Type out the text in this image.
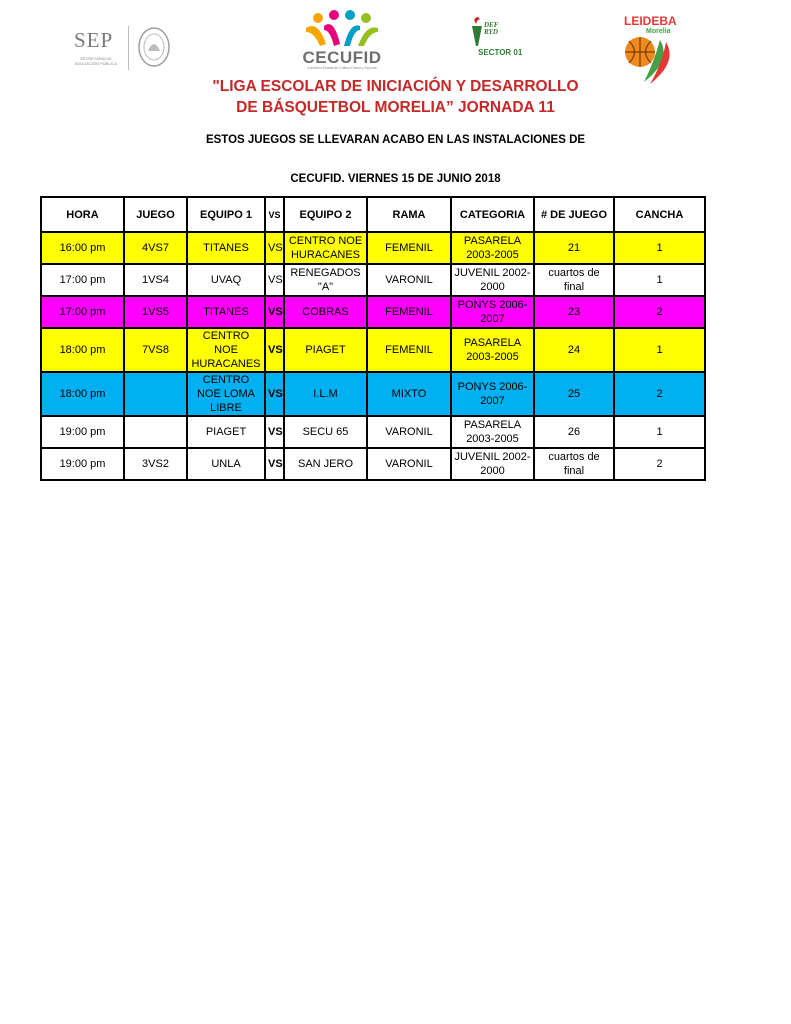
SEP
SECRETARÍA DE EDUCACIÓN PÚBLICA	CECUFID
Comisión Estatal de Cultura Física y Deporte
DEF
RYD
SECTOR 01
LEIDEBA
Morelia
"LIGA ESCOLAR DE INICIACIÓN Y DESARROLLO
DE BÁSQUETBOL MORELIA” JORNADA 11
ESTOS JUEGOS SE LLEVARAN ACABO EN LAS INSTALACIONES DE
CECUFID. VIERNES 15 DE JUNIO 2018
HORA	JUEGO	EQUIPO 1	VS	EQUIPO 2	RAMA	CATEGORIA	# DE JUEGO	CANCHA
16:00 pm	4VS7	TITANES	VS	CENTRO NOE HURACANES	FEMENIL	PASARELA 2003-2005	21	1
17:00 pm	1VS4	UVAQ	VS	RENEGADOS "A"	VARONIL	JUVENIL 2002-2000	cuartos de final	1
17:00 pm	1VS5	TITANES	VS	COBRAS	FEMENIL	PONYS 2006-2007	23	2
18:00 pm	7VS8	CENTRO NOE HURACANES	VS	PIAGET	FEMENIL	PASARELA 2003-2005	24	1
18:00 pm		CENTRO NOE LOMA LIBRE	VS	I.L.M	MIXTO	PONYS 2006-2007	25	2
19:00 pm		PIAGET	VS	SECU 65	VARONIL	PASARELA 2003-2005	26	1
19:00 pm	3VS2	UNLA	VS	SAN JERO	VARONIL	JUVENIL 2002-2000	cuartos de final	2
